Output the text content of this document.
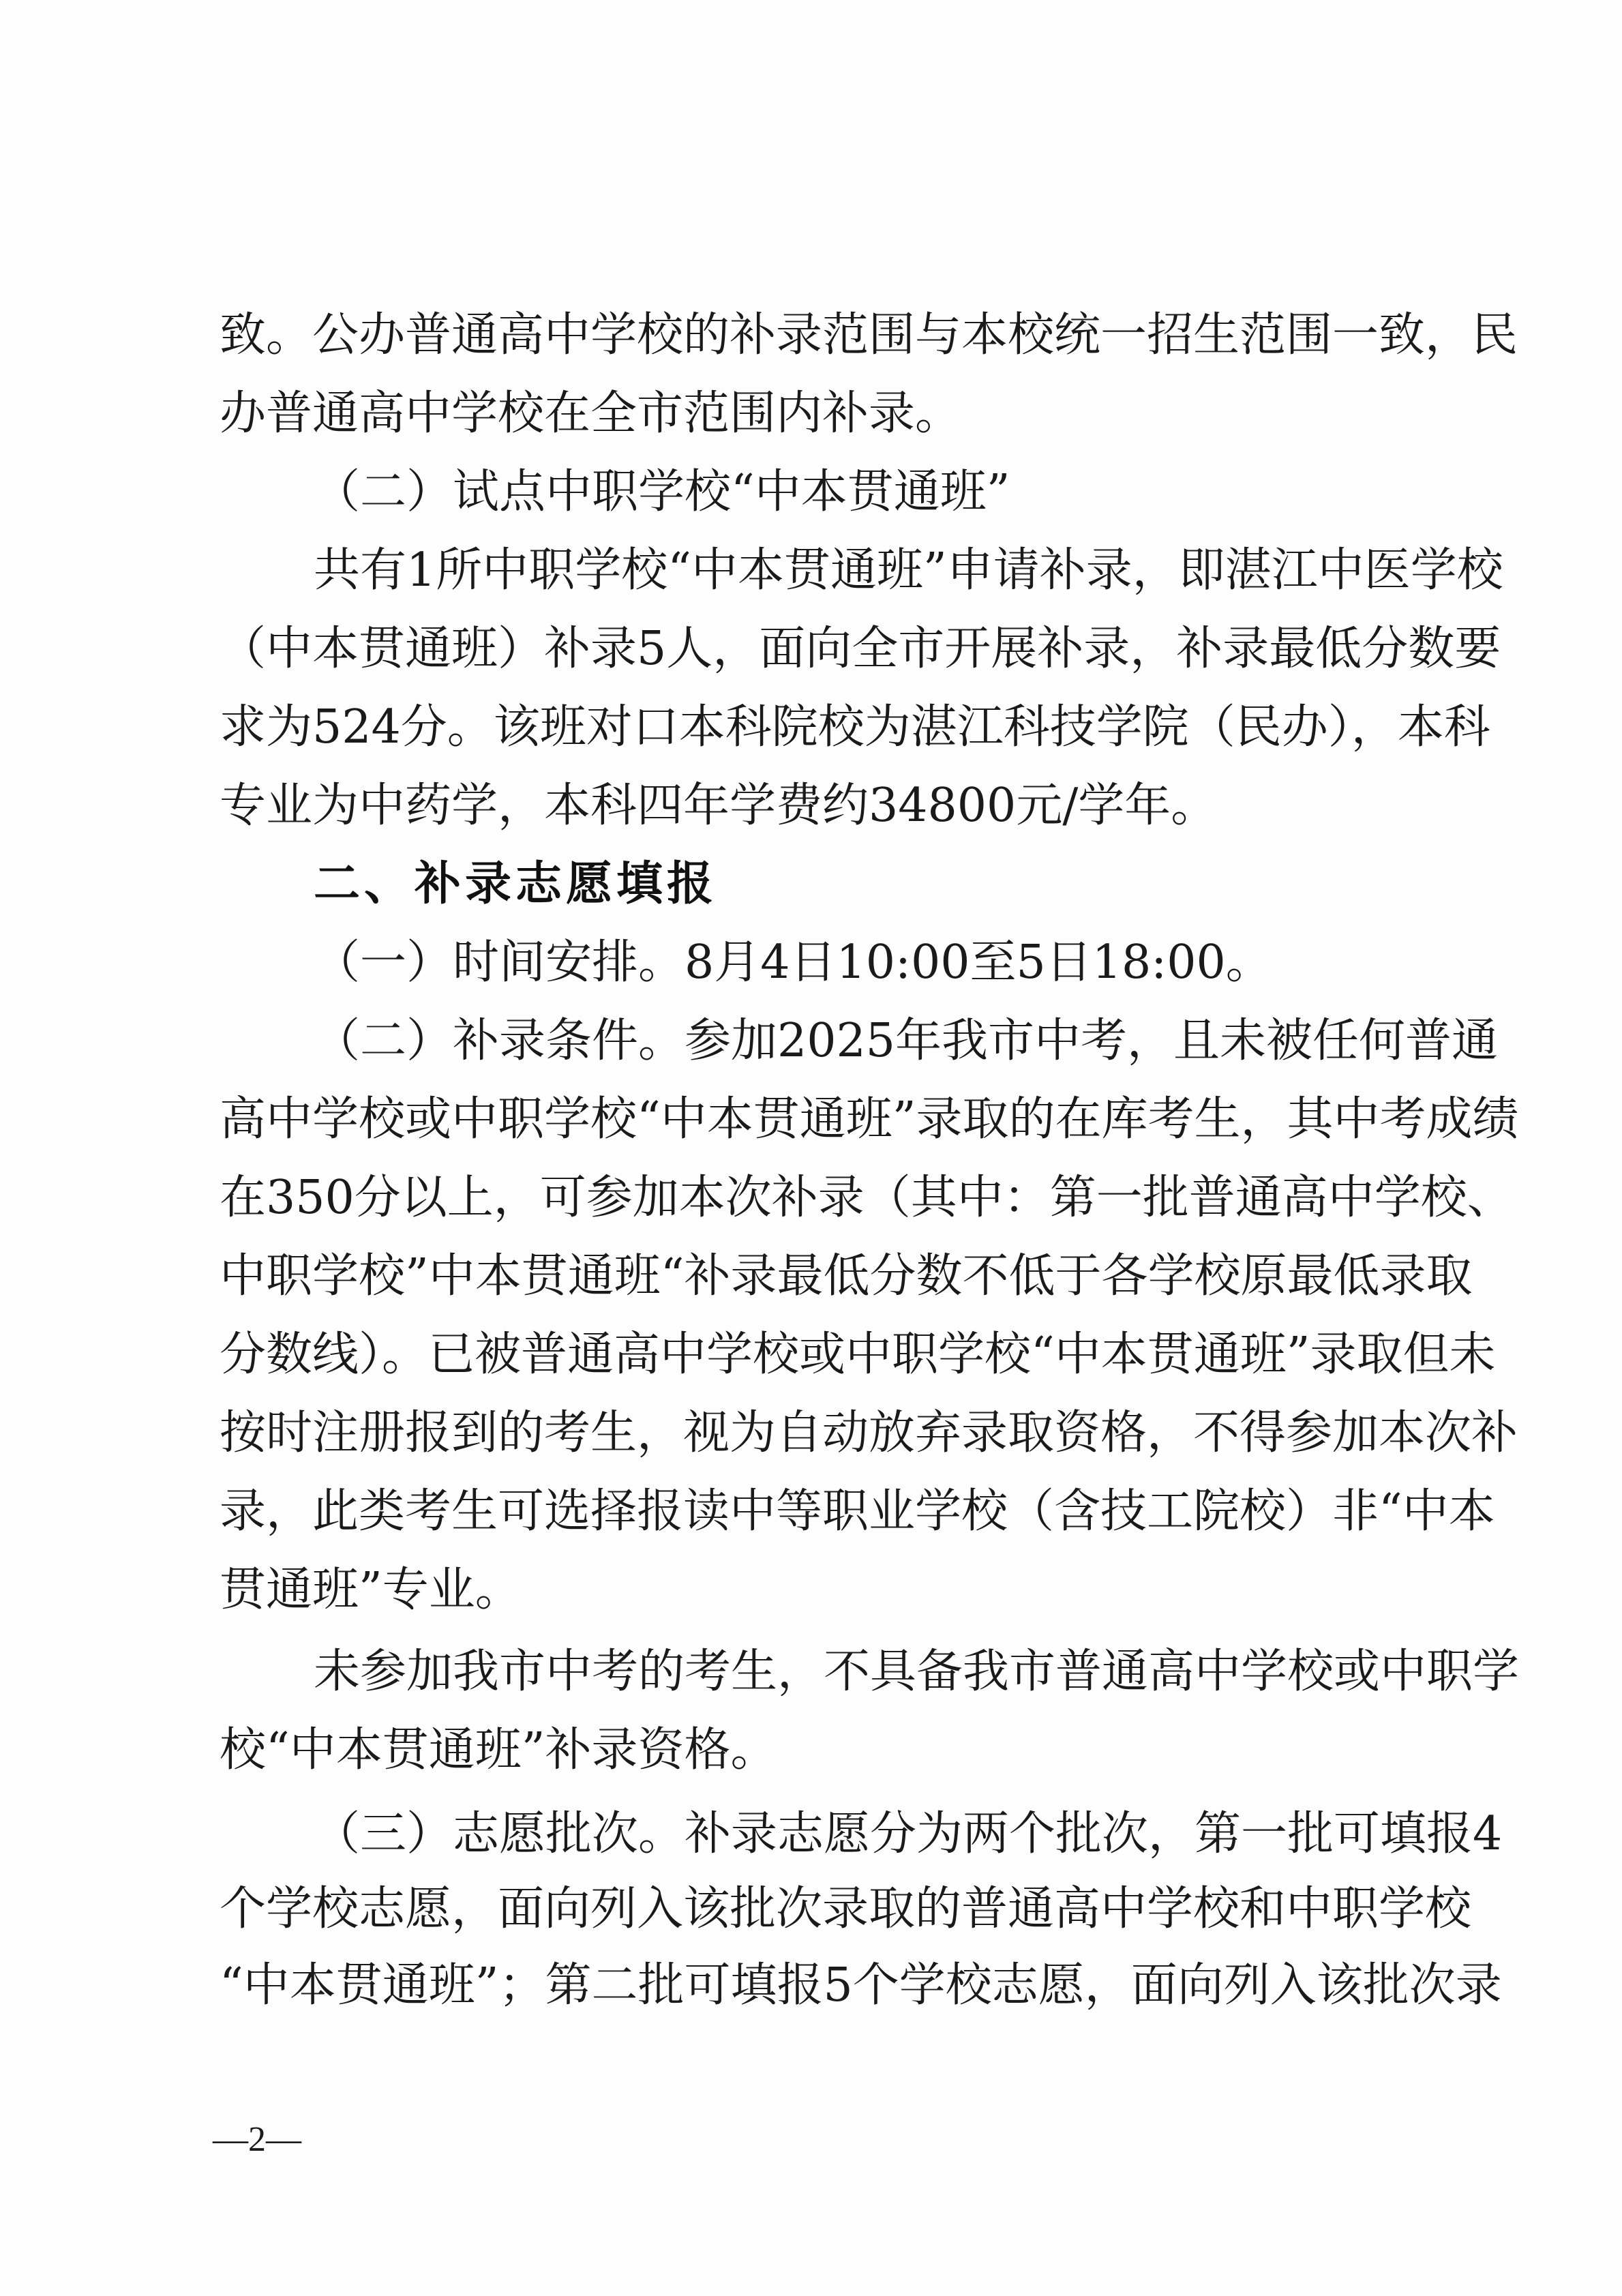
致。公办普通高中学校的补录范围与本校统一招生范围一致，民
办普通高中学校在全市范围内补录。
（二）试点中职学校“中本贯通班”
共有1所中职学校“中本贯通班”申请补录，即湛江中医学校
（中本贯通班）补录5人，面向全市开展补录，补录最低分数要
求为524分。该班对口本科院校为湛江科技学院（民办），本科
专业为中药学，本科四年学费约34800元/学年。
二、补录志愿填报
（一）时间安排。8月4日10:00至5日18:00。
（二）补录条件。参加2025年我市中考，且未被任何普通
高中学校或中职学校“中本贯通班”录取的在库考生，其中考成绩
在350分以上，可参加本次补录（其中：第一批普通高中学校、
中职学校”中本贯通班“补录最低分数不低于各学校原最低录取
分数线）。已被普通高中学校或中职学校“中本贯通班”录取但未
按时注册报到的考生，视为自动放弃录取资格，不得参加本次补
录，此类考生可选择报读中等职业学校（含技工院校）非“中本
贯通班”专业。
未参加我市中考的考生，不具备我市普通高中学校或中职学
校“中本贯通班”补录资格。
（三）志愿批次。补录志愿分为两个批次，第一批可填报4
个学校志愿，面向列入该批次录取的普通高中学校和中职学校
“中本贯通班”；第二批可填报5个学校志愿，面向列入该批次录
—2—
